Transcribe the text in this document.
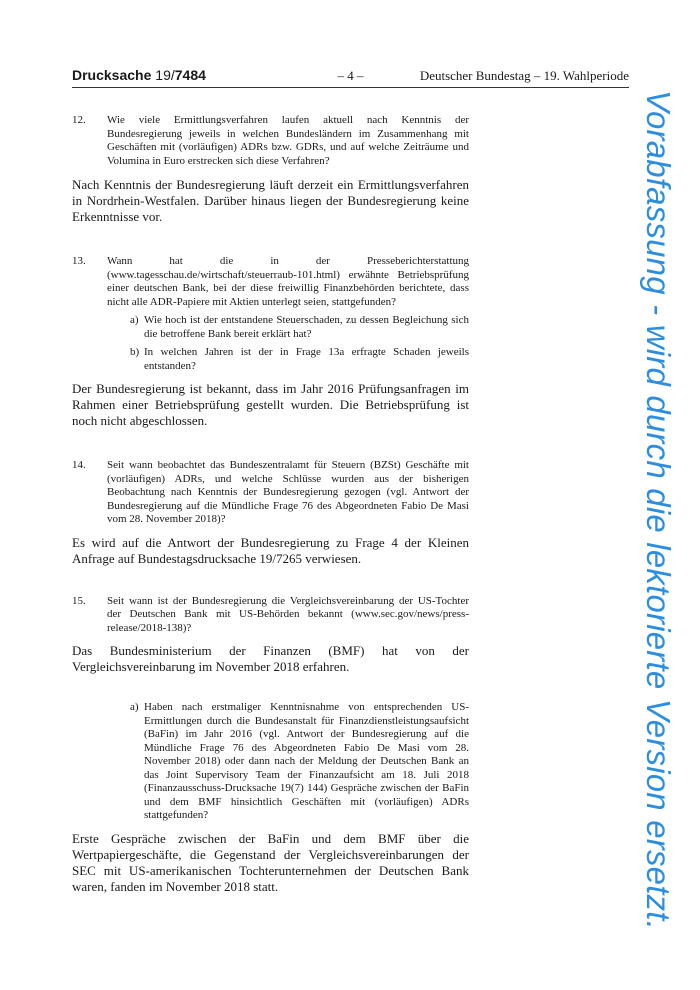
Drucksache 19/7484	– 4 –	Deutscher Bundestag – 19. Wahlperiode
12.	Wie viele Ermittlungsverfahren laufen aktuell nach Kenntnis der Bundesregierung jeweils in welchen Bundesländern im Zusammenhang mit Geschäften mit (vorläufigen) ADRs bzw. GDRs, und auf welche Zeiträume und Volumina in Euro erstrecken sich diese Verfahren?

Nach Kenntnis der Bundesregierung läuft derzeit ein Ermittlungsverfahren in Nordrhein-Westfalen. Darüber hinaus liegen der Bundesregierung keine Erkenntnisse vor.

13.	Wann hat die in der Presseberichterstattung (www.tagesschau.de/wirtschaft/steuerraub-101.html) erwähnte Betriebsprüfung einer deutschen Bank, bei der diese freiwillig Finanzbehörden berichtete, dass nicht alle ADR-Papiere mit Aktien unterlegt seien, stattgefunden?
a) Wie hoch ist der entstandene Steuerschaden, zu dessen Begleichung sich die betroffene Bank bereit erklärt hat?
b) In welchen Jahren ist der in Frage 13a erfragte Schaden jeweils entstanden?

Der Bundesregierung ist bekannt, dass im Jahr 2016 Prüfungsanfragen im Rahmen einer Betriebsprüfung gestellt wurden. Die Betriebsprüfung ist noch nicht abgeschlossen.

14.	Seit wann beobachtet das Bundeszentralamt für Steuern (BZSt) Geschäfte mit (vorläufigen) ADRs, und welche Schlüsse wurden aus der bisherigen Beobachtung nach Kenntnis der Bundesregierung gezogen (vgl. Antwort der Bundesregierung auf die Mündliche Frage 76 des Abgeordneten Fabio De Masi vom 28. November 2018)?

Es wird auf die Antwort der Bundesregierung zu Frage 4 der Kleinen Anfrage auf Bundestagsdrucksache 19/7265 verwiesen.

15.	Seit wann ist der Bundesregierung die Vergleichsvereinbarung der US-Tochter der Deutschen Bank mit US-Behörden bekannt (www.sec.gov/news/press-release/2018-138)?

Das Bundesministerium der Finanzen (BMF) hat von der Vergleichsvereinbarung im November 2018 erfahren.

a) Haben nach erstmaliger Kenntnisnahme von entsprechenden US-Ermittlungen durch die Bundesanstalt für Finanzdienstleistungsaufsicht (BaFin) im Jahr 2016 (vgl. Antwort der Bundesregierung auf die Mündliche Frage 76 des Abgeordneten Fabio De Masi vom 28. November 2018) oder dann nach der Meldung der Deutschen Bank an das Joint Supervisory Team der Finanzaufsicht am 18. Juli 2018 (Finanzausschuss-Drucksache 19(7) 144) Gespräche zwischen der BaFin und dem BMF hinsichtlich Geschäften mit (vorläufigen) ADRs stattgefunden?

Erste Gespräche zwischen der BaFin und dem BMF über die Wertpapiergeschäfte, die Gegenstand der Vergleichsvereinbarungen der SEC mit US-amerikanischen Tochterunternehmen der Deutschen Bank waren, fanden im November 2018 statt.	Vorabfassung - wird durch die lektorierte Version ersetzt.
